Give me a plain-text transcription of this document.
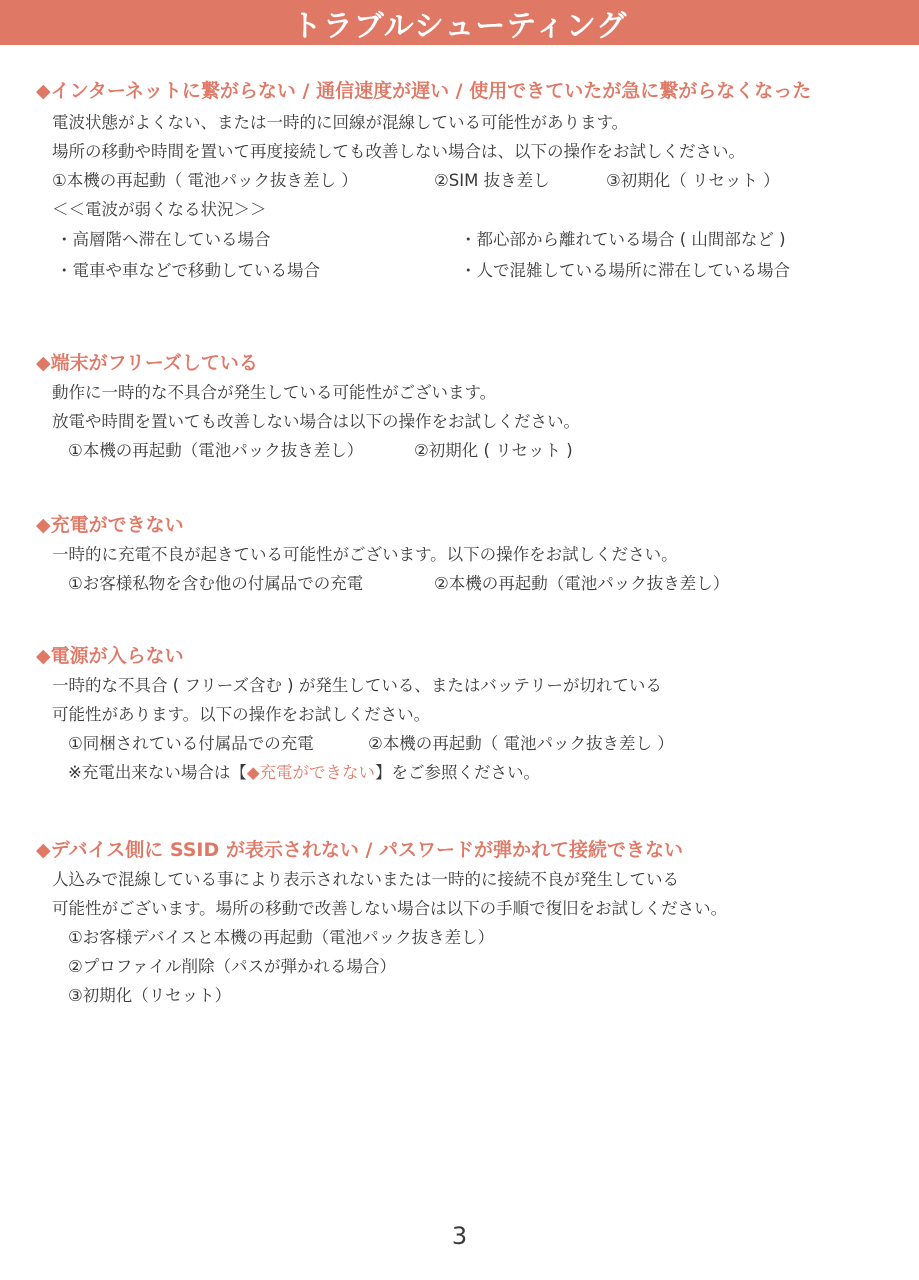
トラブルシューティング
◆インターネットに繋がらない / 通信速度が遅い / 使用できていたが急に繋がらなくなった
電波状態がよくない、または一時的に回線が混線している可能性があります。
場所の移動や時間を置いて再度接続しても改善しない場合は、以下の操作をお試しください。
①本機の再起動（ 電池パック抜き差し ）	②SIM 抜き差し	③初期化（ リセット ）
＜＜電波が弱くなる状況＞＞
・高層階へ滞在している場合	・都心部から離れている場合 ( 山間部など )
・電車や車などで移動している場合	・人で混雑している場所に滞在している場合
◆端末がフリーズしている
動作に一時的な不具合が発生している可能性がございます。
放電や時間を置いても改善しない場合は以下の操作をお試しください。
①本機の再起動（電池パック抜き差し）	②初期化 ( リセット )
◆充電ができない
一時的に充電不良が起きている可能性がございます。以下の操作をお試しください。
①お客様私物を含む他の付属品での充電	②本機の再起動（電池パック抜き差し）
◆電源が入らない
一時的な不具合 ( フリーズ含む ) が発生している、またはバッテリーが切れている
可能性があります。以下の操作をお試しください。
①同梱されている付属品での充電	②本機の再起動（ 電池パック抜き差し ）
※充電出来ない場合は【◆充電ができない】をご参照ください。
◆デバイス側に SSID が表示されない / パスワードが弾かれて接続できない
人込みで混線している事により表示されないまたは一時的に接続不良が発生している
可能性がございます。場所の移動で改善しない場合は以下の手順で復旧をお試しください。
①お客様デバイスと本機の再起動（電池パック抜き差し）
②プロファイル削除（パスが弾かれる場合）
③初期化（リセット）
3
